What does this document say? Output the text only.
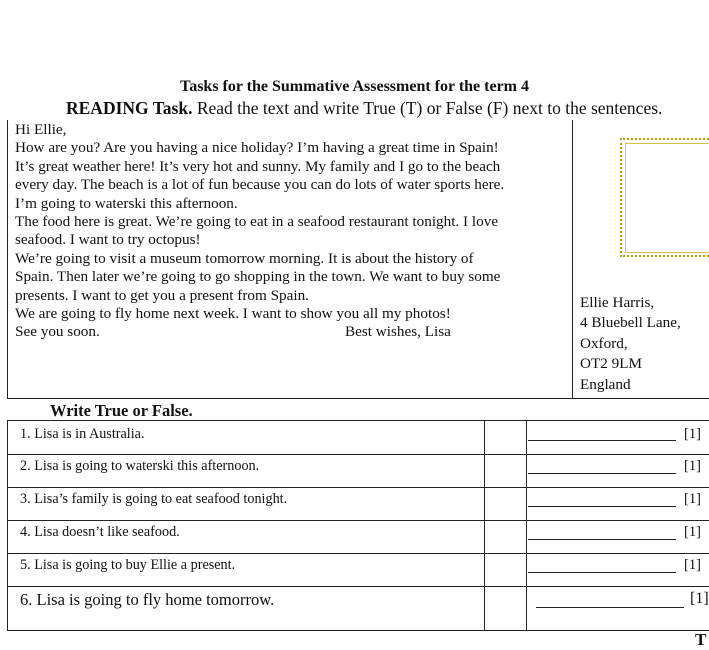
Tasks for the Summative Assessment for the term 4
READING Task. Read the text and write True (T) or False (F) next to the sentences.
Hi Ellie,
How are you? Are you having a nice holiday? I’m having a great time in Spain!
It’s great weather here! It’s very hot and sunny. My family and I go to the beach
every day. The beach is a lot of fun because you can do lots of water sports here.
I’m going to waterski this afternoon.
The food here is great. We’re going to eat in a seafood restaurant tonight. I love
seafood. I want to try octopus!
We’re going to visit a museum tomorrow morning. It is about the history of
Spain. Then later we’re going to go shopping in the town. We want to buy some
presents. I want to get you a present from Spain.
We are going to fly home next week. I want to show you all my photos!
See you soon.	Best wishes, Lisa
Ellie Harris,
4 Bluebell Lane,
Oxford,
OT2 9LM
England
Write True or False.
1. Lisa is in Australia.	[1]
2. Lisa is going to waterski this afternoon.	[1]
3. Lisa’s family is going to eat seafood tonight.	[1]
4. Lisa doesn’t like seafood.	[1]
5. Lisa is going to buy Ellie a present.	[1]
6. Lisa is going to fly home tomorrow.	[1]
T
